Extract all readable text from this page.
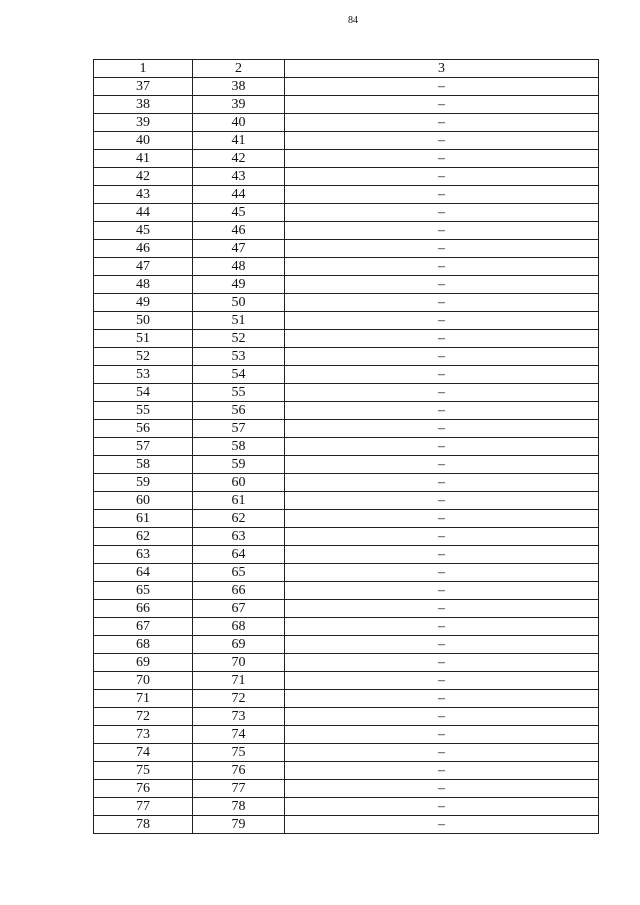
84
1	2	3
37	38	–
38	39	–
39	40	–
40	41	–
41	42	–
42	43	–
43	44	–
44	45	–
45	46	–
46	47	–
47	48	–
48	49	–
49	50	–
50	51	–
51	52	–
52	53	–
53	54	–
54	55	–
55	56	–
56	57	–
57	58	–
58	59	–
59	60	–
60	61	–
61	62	–
62	63	–
63	64	–
64	65	–
65	66	–
66	67	–
67	68	–
68	69	–
69	70	–
70	71	–
71	72	–
72	73	–
73	74	–
74	75	–
75	76	–
76	77	–
77	78	–
78	79	–
